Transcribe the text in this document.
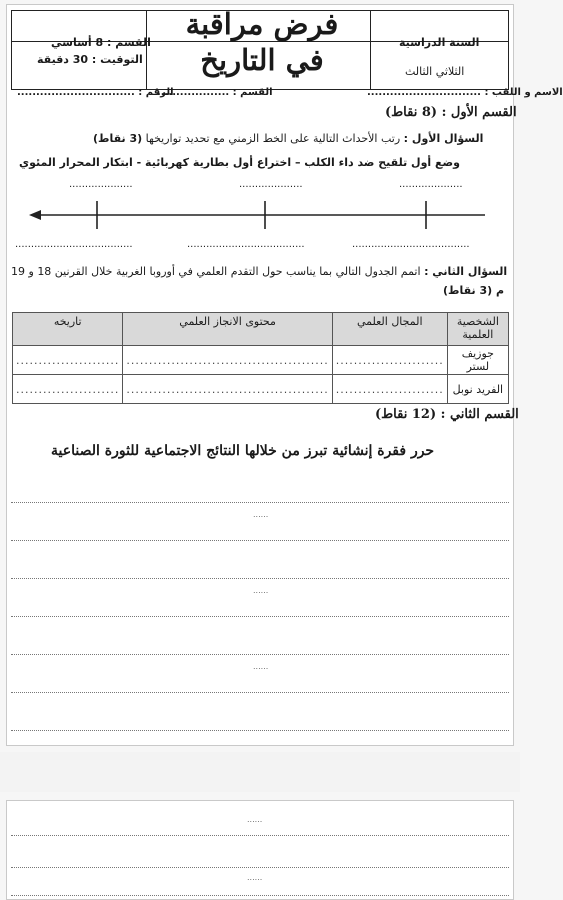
القسم : 8 أساسي
التوقيت : 30 دقيقة
فرض مراقبة
في التاريخ
السنة الدراسية
الثلاثي الثالث
الاسم و اللقب : ..............................
القسم : ...................
الرقم : ...............................
القسم الأول : (8 نقاط)
السؤال الأول : رتب الأحداث التالية على الخط الزمني مع تحديد تواريخها (3 نقاط)
وضع أول تلقيح ضد داء الكلب – اختراع أول بطارية كهربائية - ابتكار المحرار المئوي
....................	....................	....................
.....................................	.....................................	.....................................
السؤال الثاني : اتمم الجدول التالي بما يناسب حول التقدم العلمي في أوروبا الغربية خلال القرنين 18 و 19
م (3 نقاط)
الشخصية العلمية	المجال العلمي	محتوى الانجاز العلمي	تاريخه
جوزيف لستر	........................	.............................................	.......................
الفريد نوبل	........................	.............................................	.......................
القسم الثاني : (12 نقاط)
حرر فقرة إنشائية تبرز من خلالها النتائج الاجتماعية للثورة الصناعية
......
......
......
......
......
